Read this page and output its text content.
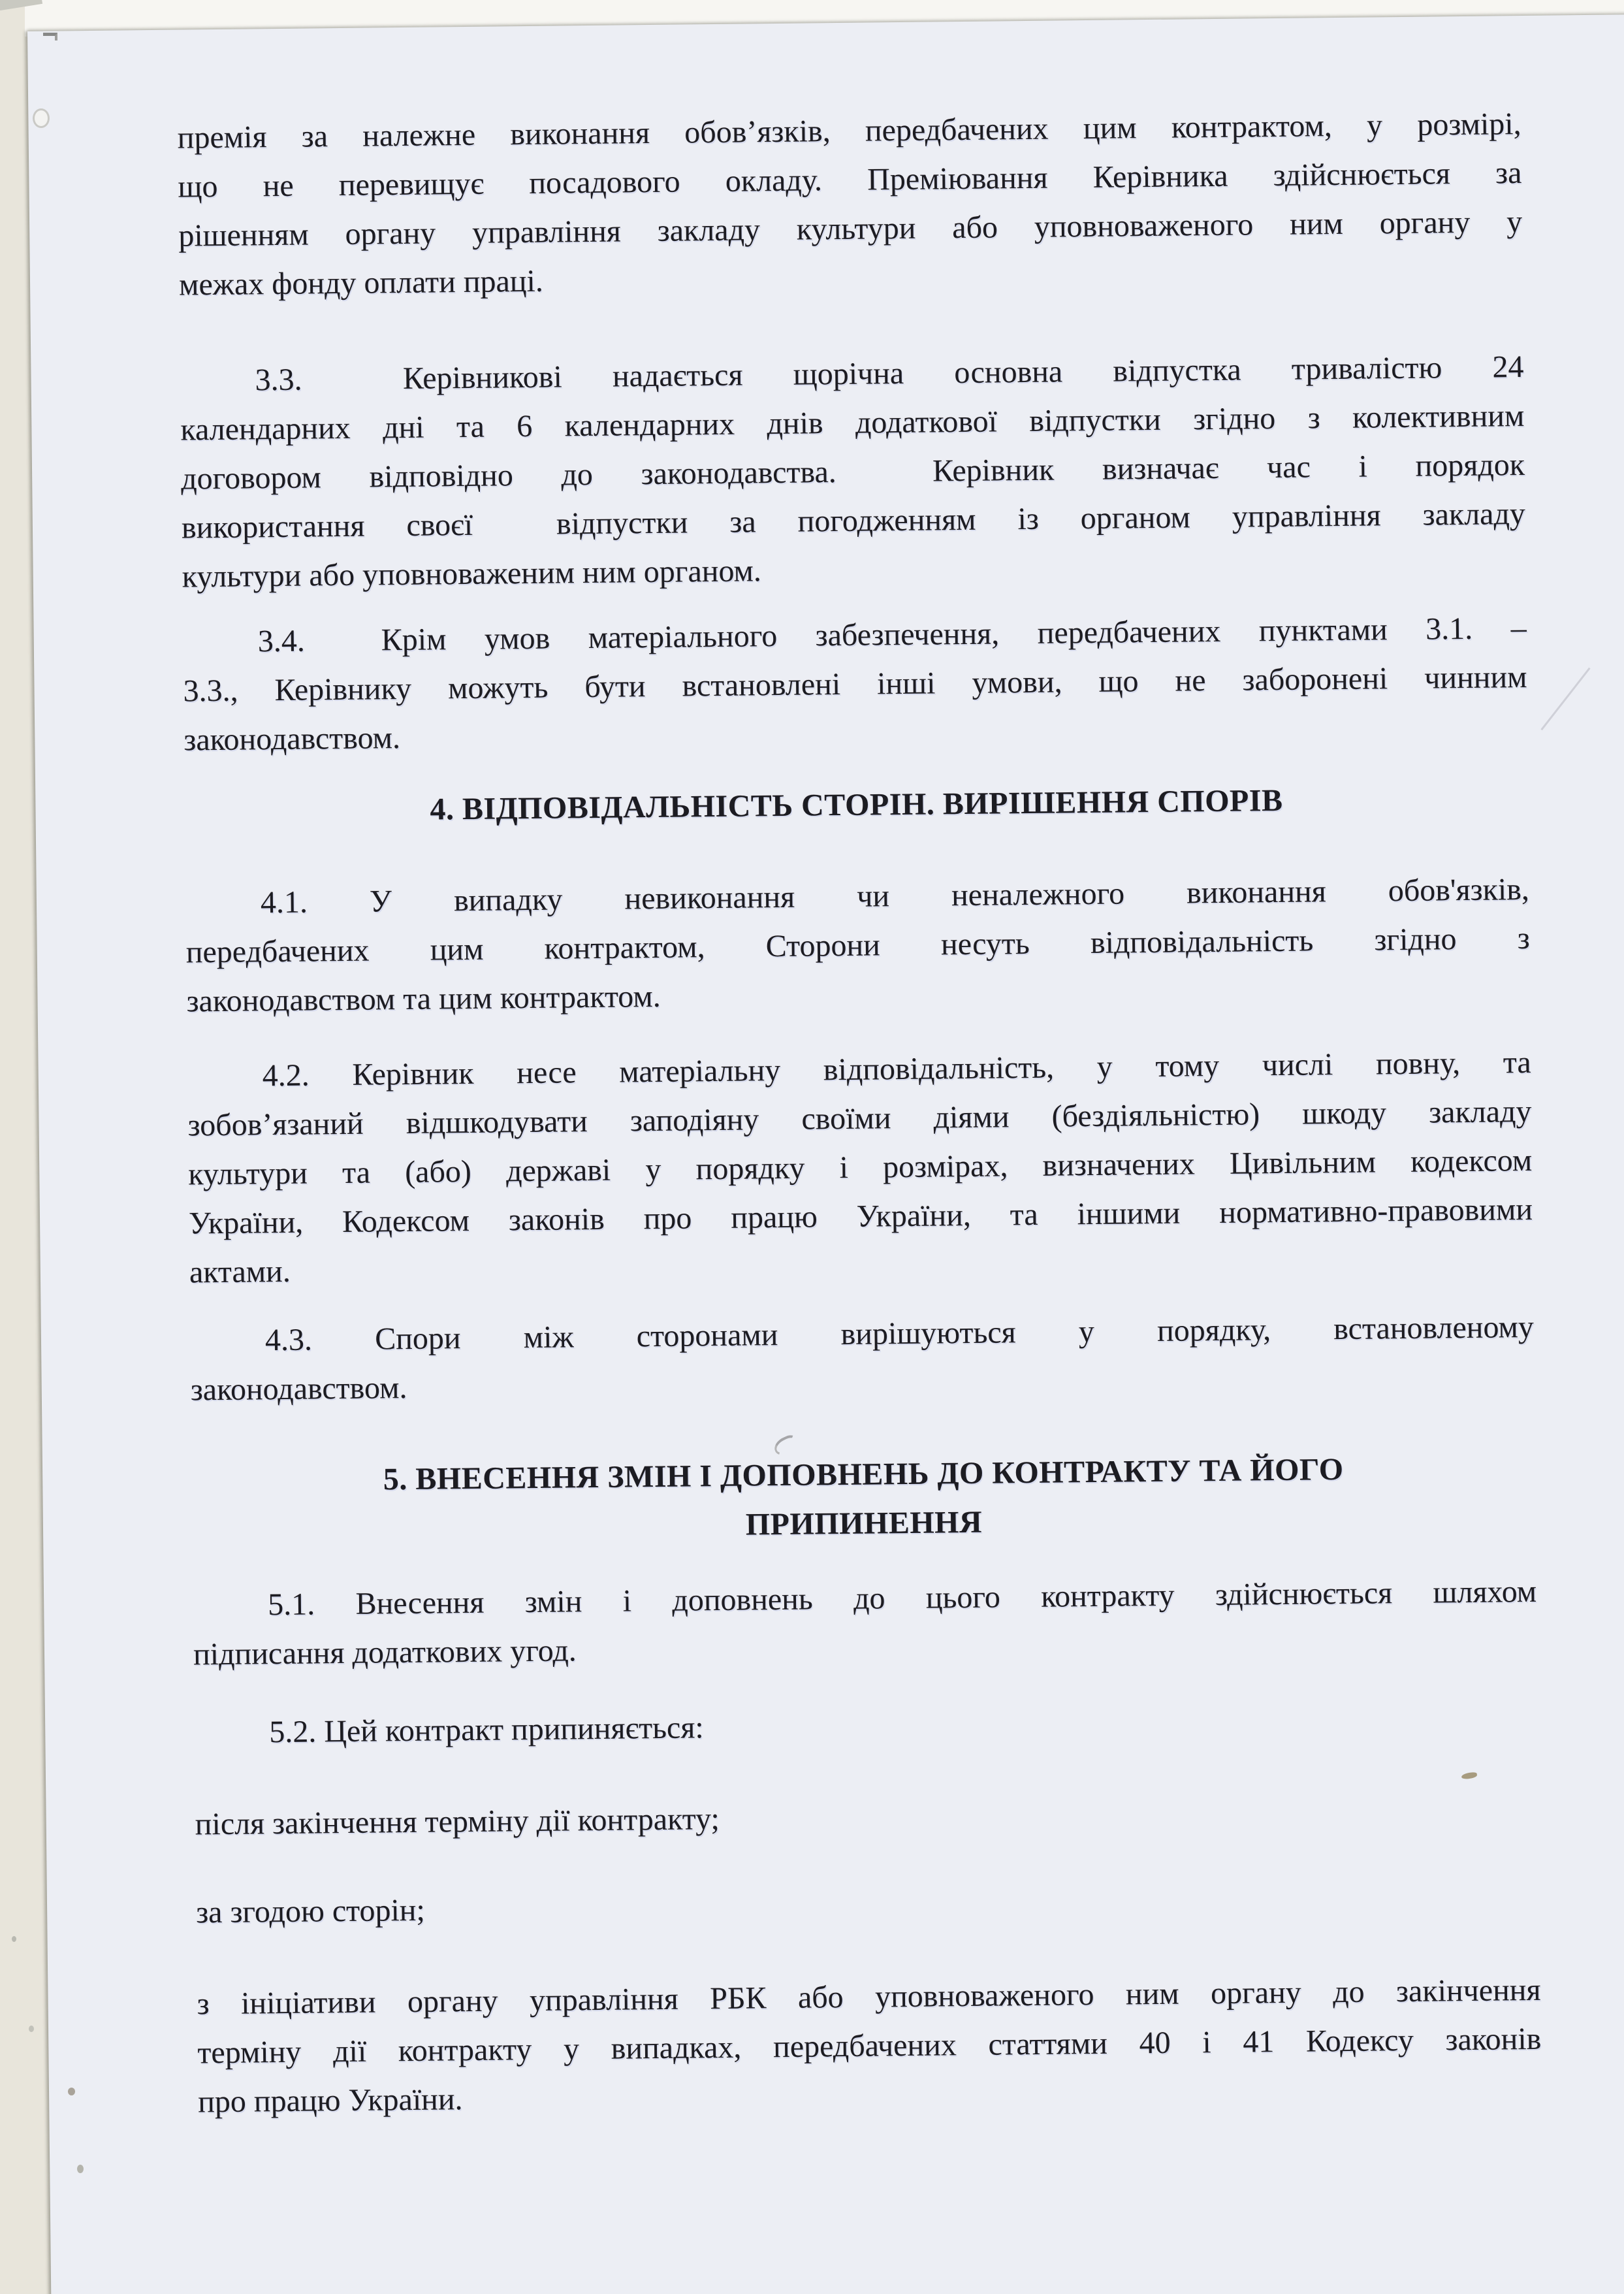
премія за належне виконання обов’язків, передбачених цим контрактом, у розмірі,
що не перевищує посадового окладу. Преміювання Керівника здійснюється за
рішенням органу управління закладу культури або уповноваженого ним органу у
межах фонду оплати праці.
3.3.  Керівникові надається щорічна основна відпустка тривалістю 24
календарних дні та 6 календарних днів додаткової відпустки згідно з колективним
договором відповідно до законодавства.  Керівник визначає час і порядок
використання своєї  відпустки за погодженням із органом управління закладу
культури або уповноваженим ним органом.
3.4.  Крім умов матеріального забезпечення, передбачених пунктами 3.1. –
3.3., Керівнику можуть бути встановлені інші умови, що не заборонені чинним
законодавством.
4. ВІДПОВІДАЛЬНІСТЬ СТОРІН. ВИРІШЕННЯ СПОРІВ
4.1. У випадку невиконання чи неналежного виконання обов'язків,
передбачених цим контрактом, Сторони несуть відповідальність згідно з
законодавством та цим контрактом.
4.2. Керівник несе матеріальну відповідальність, у тому числі повну, та
зобов’язаний відшкодувати заподіяну своїми діями (бездіяльністю) шкоду закладу
культури та (або) державі у порядку і розмірах, визначених Цивільним кодексом
України, Кодексом законів про працю України, та іншими нормативно-правовими
актами.
4.3. Спори між сторонами вирішуються у порядку, встановленому
законодавством.
5. ВНЕСЕННЯ ЗМІН І ДОПОВНЕНЬ ДО КОНТРАКТУ ТА ЙОГО
ПРИПИНЕННЯ
5.1. Внесення змін і доповнень до цього контракту здійснюється шляхом
підписання додаткових угод.
5.2. Цей контракт припиняється:
після закінчення терміну дії контракту;
за згодою сторін;
з ініціативи органу управління РБК або уповноваженого ним органу до закінчення
терміну дії контракту у випадках, передбачених статтями 40 і 41 Кодексу законів
про працю України.
